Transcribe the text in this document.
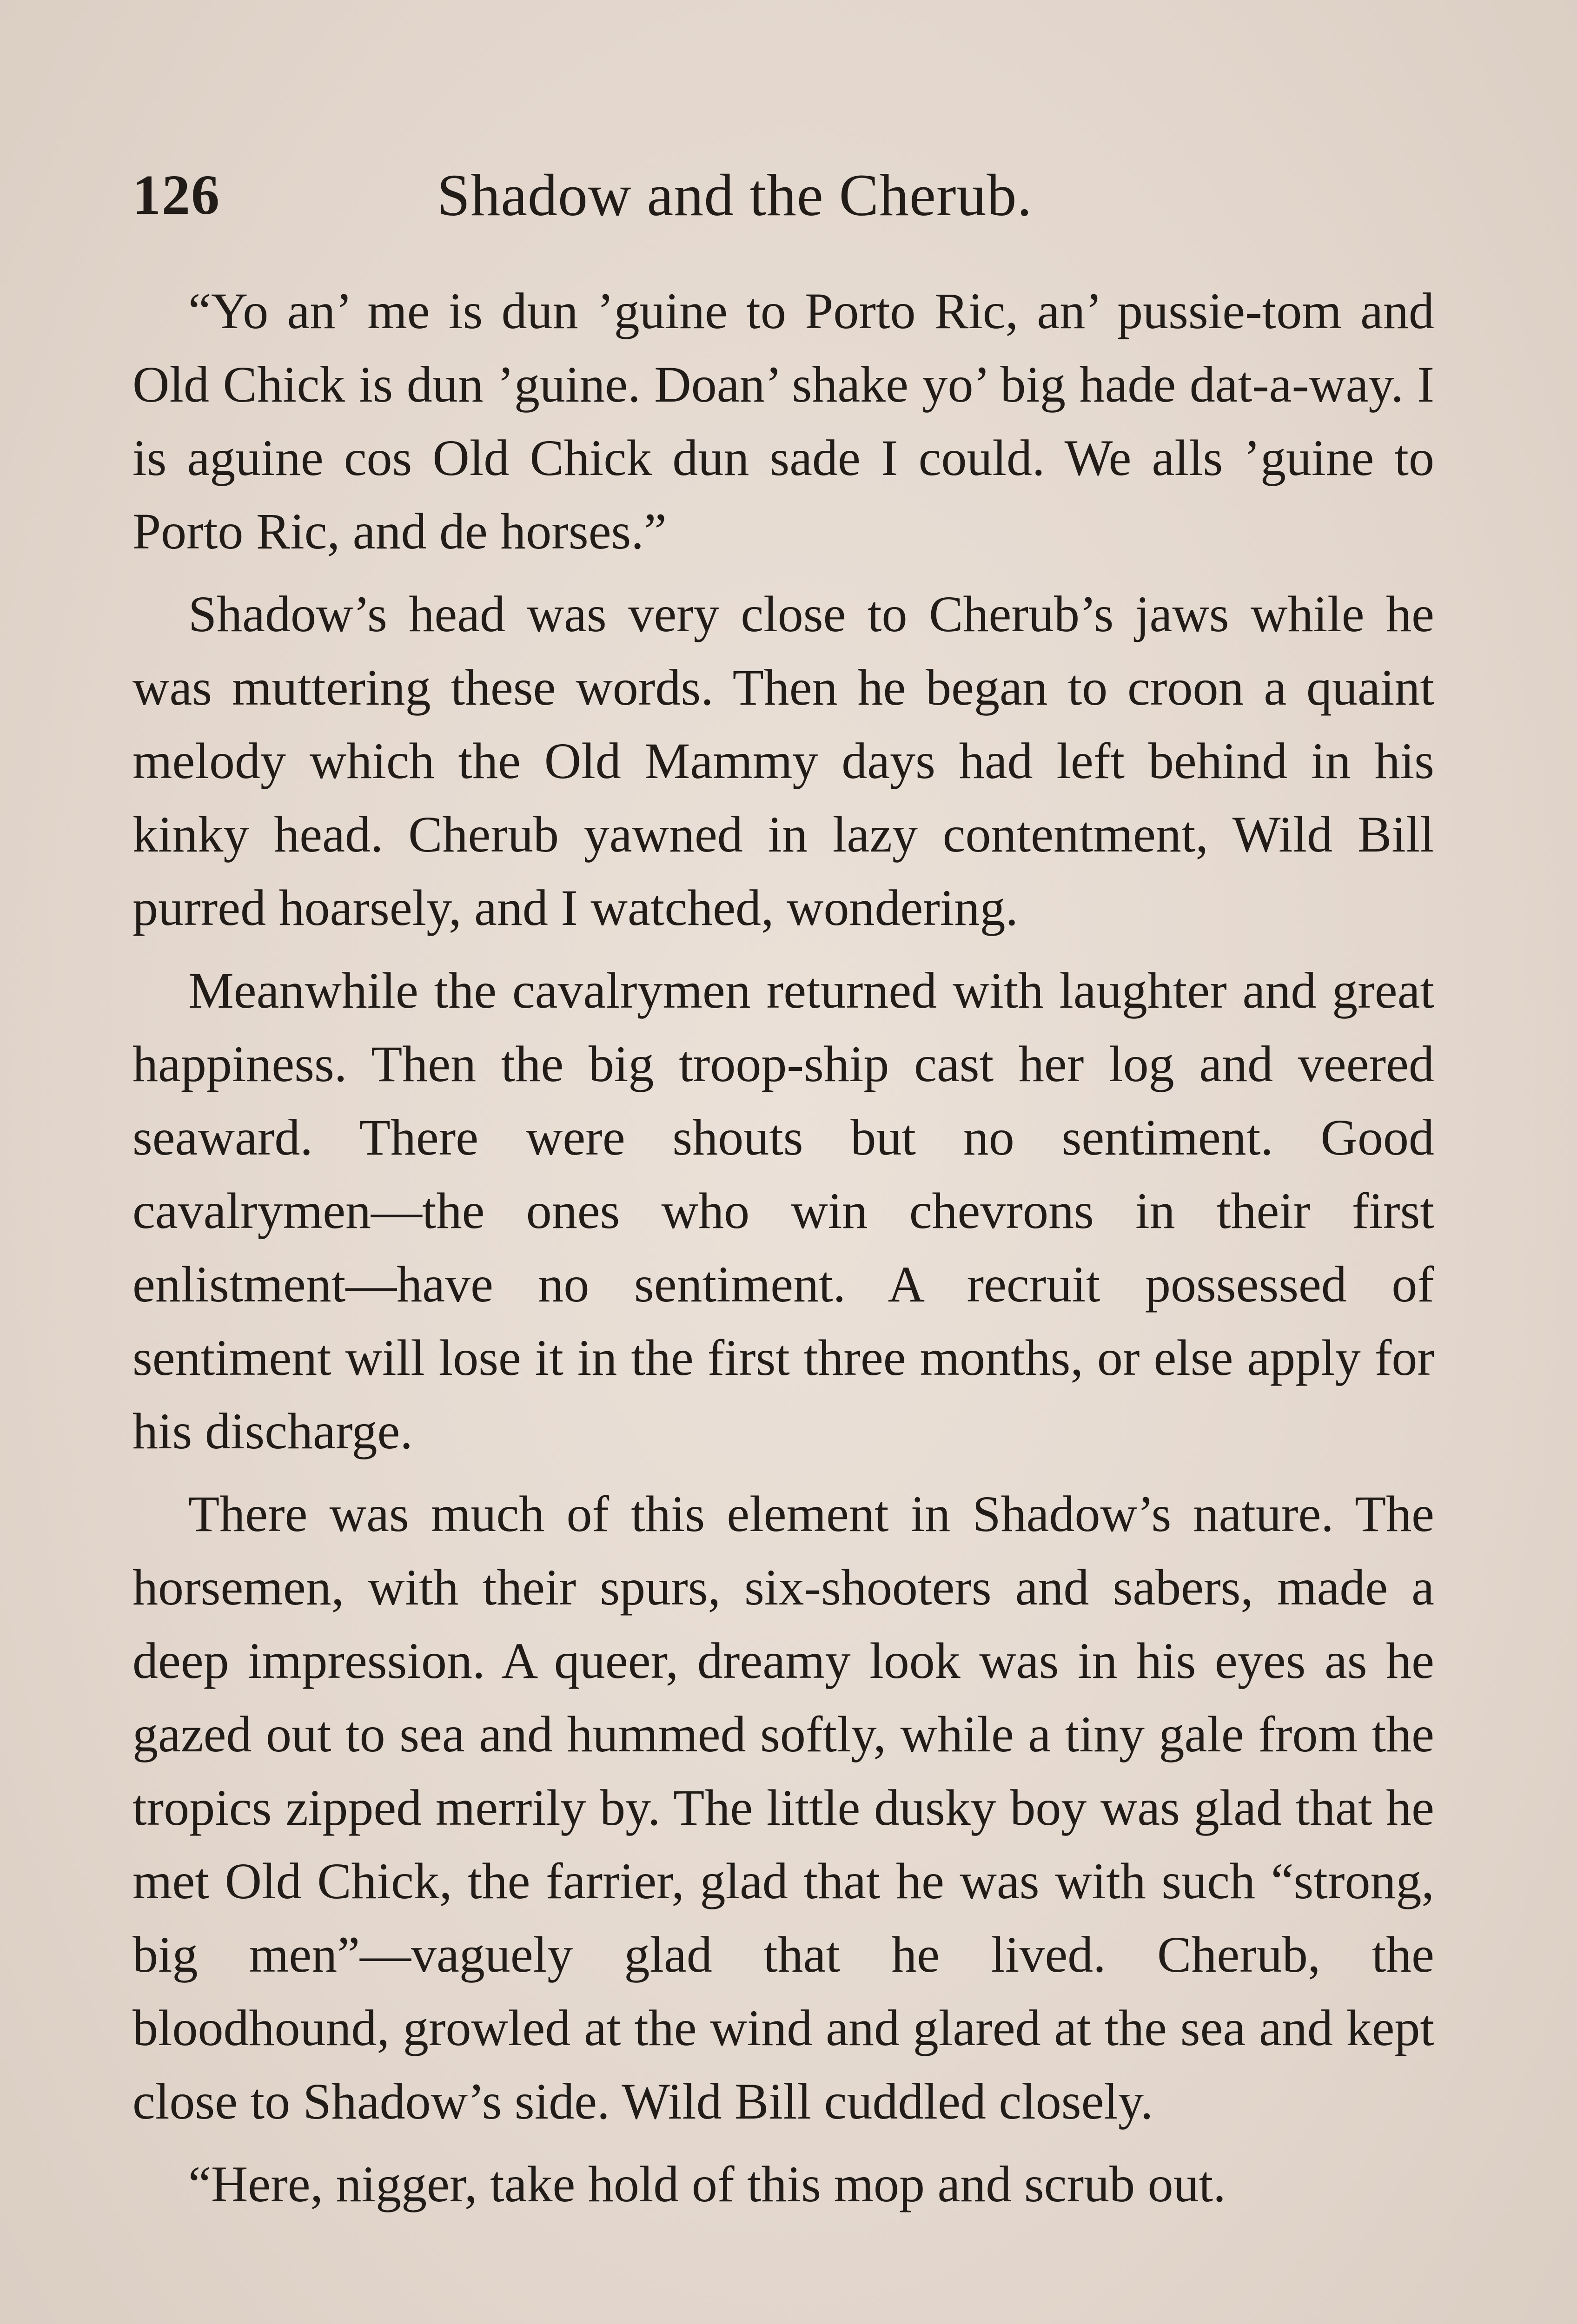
126	Shadow and the Cherub.

“Yo an’ me is dun ’guine to Porto Ric, an’ pussie-tom and Old Chick is dun ’guine. Doan’ shake yo’ big hade dat-a-way. I is aguine cos Old Chick dun sade I could. We alls ’guine to Porto Ric, and de horses.”

Shadow’s head was very close to Cherub’s jaws while he was muttering these words. Then he began to croon a quaint melody which the Old Mammy days had left behind in his kinky head. Cherub yawned in lazy contentment, Wild Bill purred hoarsely, and I watched, wondering.

Meanwhile the cavalrymen returned with laughter and great happiness. Then the big troop-ship cast her log and veered seaward. There were shouts but no sentiment. Good cavalrymen—the ones who win chevrons in their first enlistment—have no sentiment. A recruit possessed of sentiment will lose it in the first three months, or else apply for his discharge.

There was much of this element in Shadow’s nature. The horsemen, with their spurs, six-shooters and sabers, made a deep impression. A queer, dreamy look was in his eyes as he gazed out to sea and hummed softly, while a tiny gale from the tropics zipped merrily by. The little dusky boy was glad that he met Old Chick, the farrier, glad that he was with such “strong, big men”—vaguely glad that he lived. Cherub, the bloodhound, growled at the wind and glared at the sea and kept close to Shadow’s side. Wild Bill cuddled closely.

“Here, nigger, take hold of this mop and scrub out.
